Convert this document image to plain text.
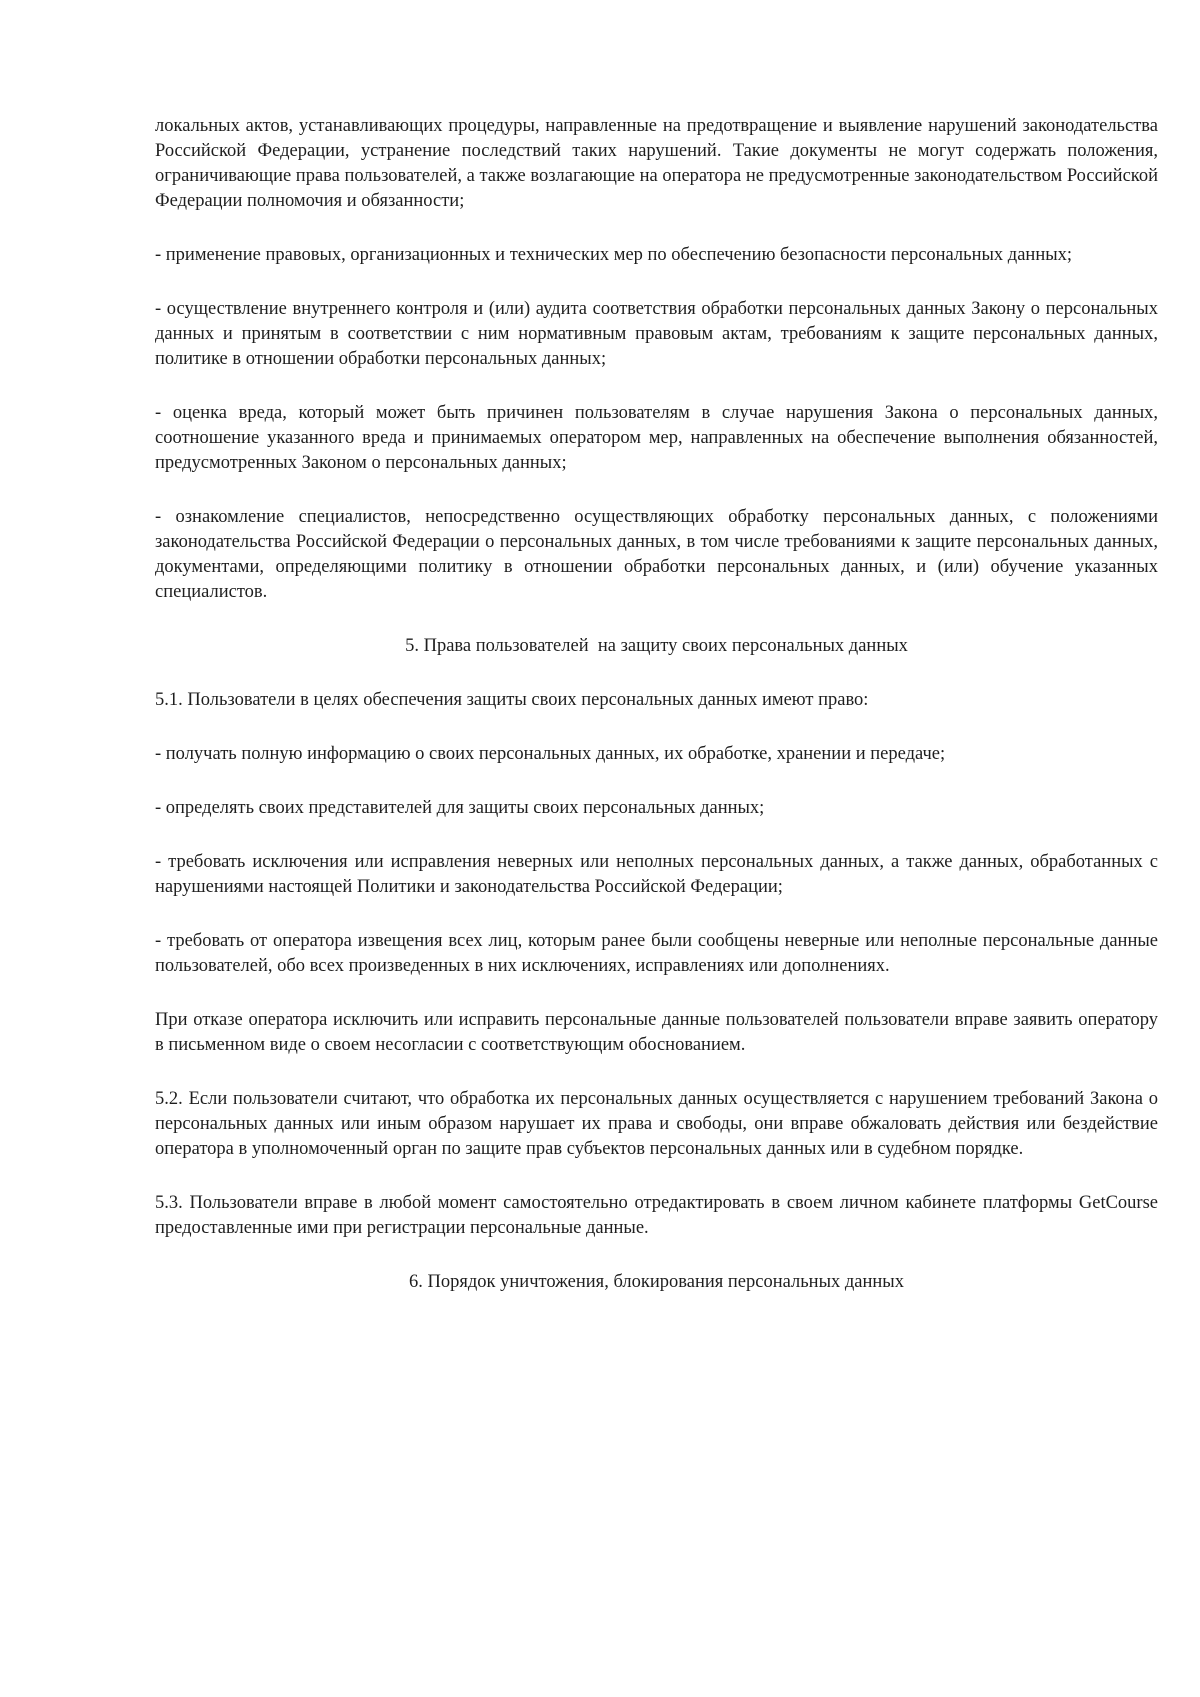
локальных актов, устанавливающих процедуры, направленные на предотвращение и выявление нарушений законодательства Российской Федерации, устранение последствий таких нарушений. Такие документы не могут содержать положения, ограничивающие права пользователей, а также возлагающие на оператора не предусмотренные законодательством Российской Федерации полномочия и обязанности;

- применение правовых, организационных и технических мер по обеспечению безопасности персональных данных;

- осуществление внутреннего контроля и (или) аудита соответствия обработки персональных данных Закону о персональных данных и принятым в соответствии с ним нормативным правовым актам, требованиям к защите персональных данных, политике в отношении обработки персональных данных;

- оценка вреда, который может быть причинен пользователям в случае нарушения Закона о персональных данных, соотношение указанного вреда и принимаемых оператором мер, направленных на обеспечение выполнения обязанностей, предусмотренных Законом о персональных данных;

- ознакомление специалистов, непосредственно осуществляющих обработку персональных данных, с положениями законодательства Российской Федерации о персональных данных, в том числе требованиями к защите персональных данных, документами, определяющими политику в отношении обработки персональных данных, и (или) обучение указанных специалистов.

5. Права пользователей  на защиту своих персональных данных

5.1. Пользователи в целях обеспечения защиты своих персональных данных имеют право:

- получать полную информацию о своих персональных данных, их обработке, хранении и передаче;

- определять своих представителей для защиты своих персональных данных;

- требовать исключения или исправления неверных или неполных персональных данных, а также данных, обработанных с нарушениями настоящей Политики и законодательства Российской Федерации;

- требовать от оператора извещения всех лиц, которым ранее были сообщены неверные или неполные персональные данные пользователей, обо всех произведенных в них исключениях, исправлениях или дополнениях.

При отказе оператора исключить или исправить персональные данные пользователей пользователи вправе заявить оператору в письменном виде о своем несогласии с соответствующим обоснованием.

5.2. Если пользователи считают, что обработка их персональных данных осуществляется с нарушением требований Закона о персональных данных или иным образом нарушает их права и свободы, они вправе обжаловать действия или бездействие оператора в уполномоченный орган по защите прав субъектов персональных данных или в судебном порядке.

5.3. Пользователи вправе в любой момент самостоятельно отредактировать в своем личном кабинете платформы GetCourse предоставленные ими при регистрации персональные данные.

6. Порядок уничтожения, блокирования персональных данных
